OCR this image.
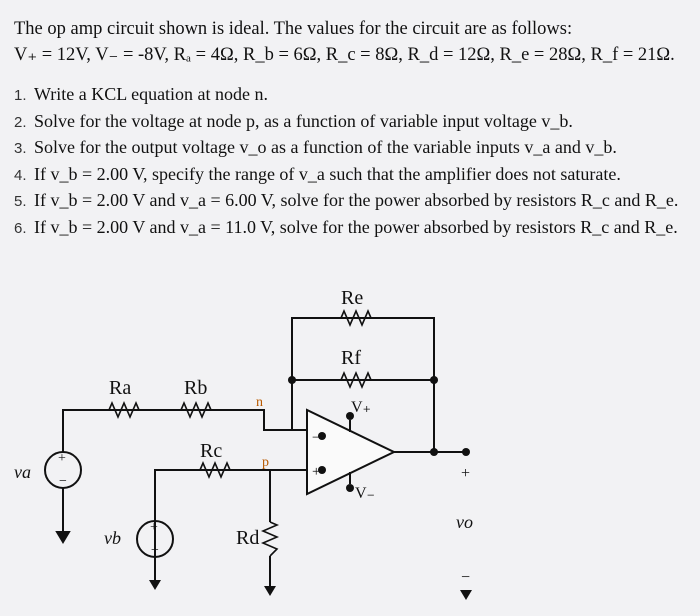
The op amp circuit shown is ideal. The values for the circuit are as follows:

V₊ = 12V, V₋ = -8V, Rₐ = 4Ω, R_b = 6Ω, R_c = 8Ω, R_d = 12Ω, R_e = 28Ω, R_f = 21Ω.

1. Write a KCL equation at node n.
2. Solve for the voltage at node p, as a function of variable input voltage v_b.
3. Solve for the output voltage v_o as a function of the variable inputs v_a and v_b.
4. If v_b = 2.00 V, specify the range of v_a such that the amplifier does not saturate.
5. If v_b = 2.00 V and v_a = 6.00 V, solve for the power absorbed by resistors R_c and R_e.
6. If v_b = 2.00 V and v_a = 11.0 V, solve for the power absorbed by resistors R_c and R_e.
Re
Rf
Ra	Rb
Rc
Rd
V₊
V₋
n
p
va
vb
vo
+
−
+
−
−
+	+
−
